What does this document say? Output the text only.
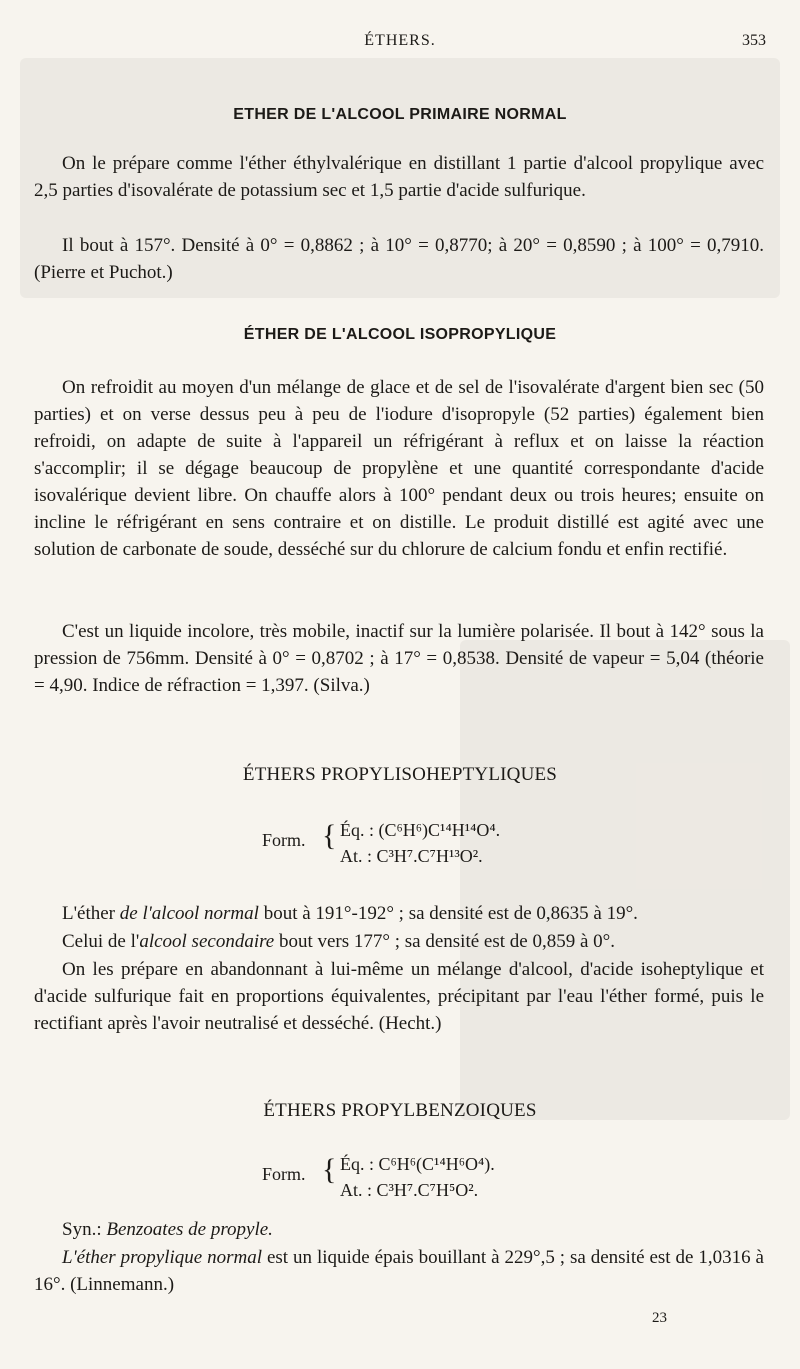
ÉTHERS.	353
ETHER DE L'ALCOOL PRIMAIRE NORMAL

On le prépare comme l'éther éthylvalérique en distillant 1 partie d'alcool propylique avec 2,5 parties d'isovalérate de potassium sec et 1,5 partie d'acide sulfurique.

Il bout à 157°. Densité à 0° = 0,8862 ; à 10° = 0,8770; à 20° = 0,8590 ; à 100° = 0,7910. (Pierre et Puchot.)

ÉTHER DE L'ALCOOL ISOPROPYLIQUE

On refroidit au moyen d'un mélange de glace et de sel de l'isovalérate d'argent bien sec (50 parties) et on verse dessus peu à peu de l'iodure d'isopropyle (52 parties) également bien refroidi, on adapte de suite à l'appareil un réfrigérant à reflux et on laisse la réaction s'accomplir; il se dégage beaucoup de propylène et une quantité correspondante d'acide isovalérique devient libre. On chauffe alors à 100° pendant deux ou trois heures; ensuite on incline le réfrigérant en sens contraire et on distille. Le produit distillé est agité avec une solution de carbonate de soude, desséché sur du chlorure de calcium fondu et enfin rectifié.

C'est un liquide incolore, très mobile, inactif sur la lumière polarisée. Il bout à 142° sous la pression de 756mm. Densité à 0° = 0,8702 ; à 17° = 0,8538. Densité de vapeur = 5,04 (théorie = 4,90. Indice de réfraction = 1,397. (Silva.)

ÉTHERS PROPYLISOHEPTYLIQUES
Form. { Éq. : (C⁶H⁶)C¹⁴H¹⁴O⁴.
At. : C³H⁷.C⁷H¹³O².

L'éther de l'alcool normal bout à 191°-192° ; sa densité est de 0,8635 à 19°.

Celui de l'alcool secondaire bout vers 177° ; sa densité est de 0,859 à 0°.

On les prépare en abandonnant à lui-même un mélange d'alcool, d'acide isoheptylique et d'acide sulfurique fait en proportions équivalentes, précipitant par l'eau l'éther formé, puis le rectifiant après l'avoir neutralisé et desséché. (Hecht.)

ÉTHERS PROPYLBENZOIQUES
Form. { Éq. : C⁶H⁶(C¹⁴H⁶O⁴).
At. : C³H⁷.C⁷H⁵O².

Syn.: Benzoates de propyle.

L'éther propylique normal est un liquide épais bouillant à 229°,5 ; sa densité est de 1,0316 à 16°. (Linnemann.)

23
